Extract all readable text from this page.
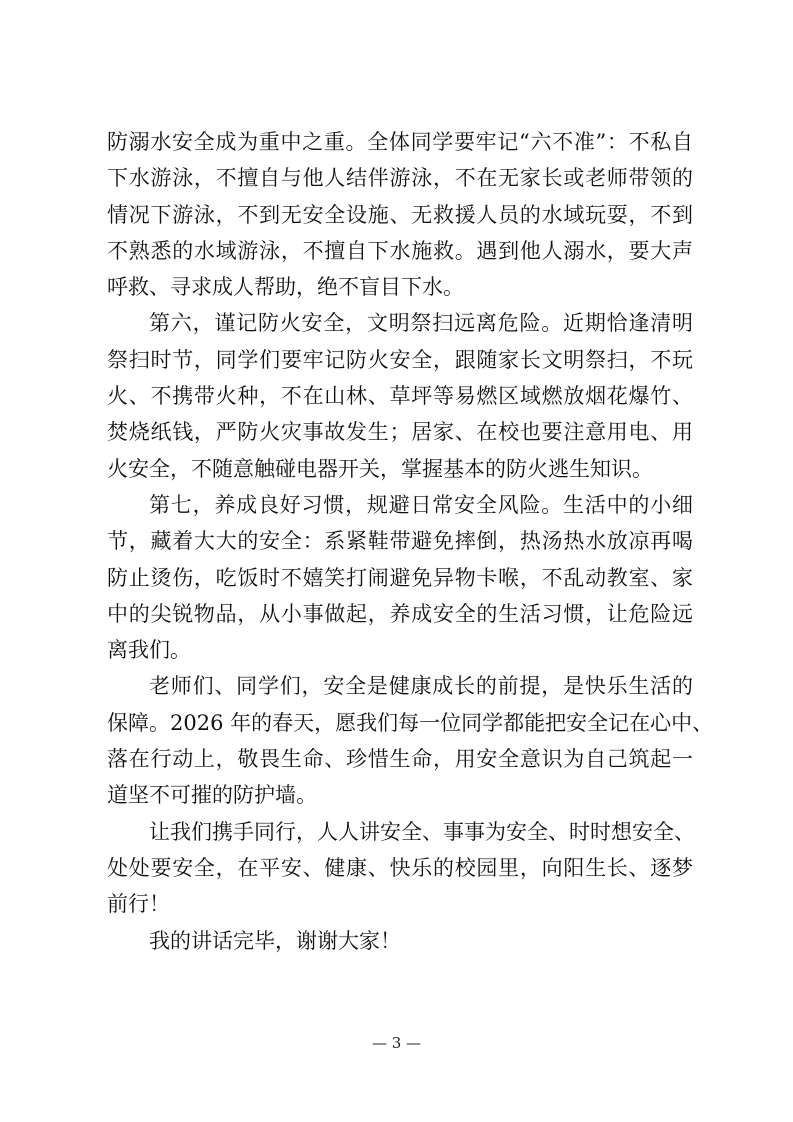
防溺水安全成为重中之重。全体同学要牢记“六不准”：不私自
下水游泳，不擅自与他人结伴游泳，不在无家长或老师带领的
情况下游泳，不到无安全设施、无救援人员的水域玩耍，不到
不熟悉的水域游泳，不擅自下水施救。遇到他人溺水，要大声
呼救、寻求成人帮助，绝不盲目下水。
第六，谨记防火安全，文明祭扫远离危险。近期恰逢清明
祭扫时节，同学们要牢记防火安全，跟随家长文明祭扫，不玩
火、不携带火种，不在山林、草坪等易燃区域燃放烟花爆竹、
焚烧纸钱，严防火灾事故发生；居家、在校也要注意用电、用
火安全，不随意触碰电器开关，掌握基本的防火逃生知识。
第七，养成良好习惯，规避日常安全风险。生活中的小细
节，藏着大大的安全：系紧鞋带避免摔倒，热汤热水放凉再喝
防止烫伤，吃饭时不嬉笑打闹避免异物卡喉，不乱动教室、家
中的尖锐物品，从小事做起，养成安全的生活习惯，让危险远
离我们。
老师们、同学们，安全是健康成长的前提，是快乐生活的
保障。2026 年的春天，愿我们每一位同学都能把安全记在心中、
落在行动上，敬畏生命、珍惜生命，用安全意识为自己筑起一
道坚不可摧的防护墙。
让我们携手同行，人人讲安全、事事为安全、时时想安全、
处处要安全，在平安、健康、快乐的校园里，向阳生长、逐梦
前行！
我的讲话完毕，谢谢大家！
— 3 —
